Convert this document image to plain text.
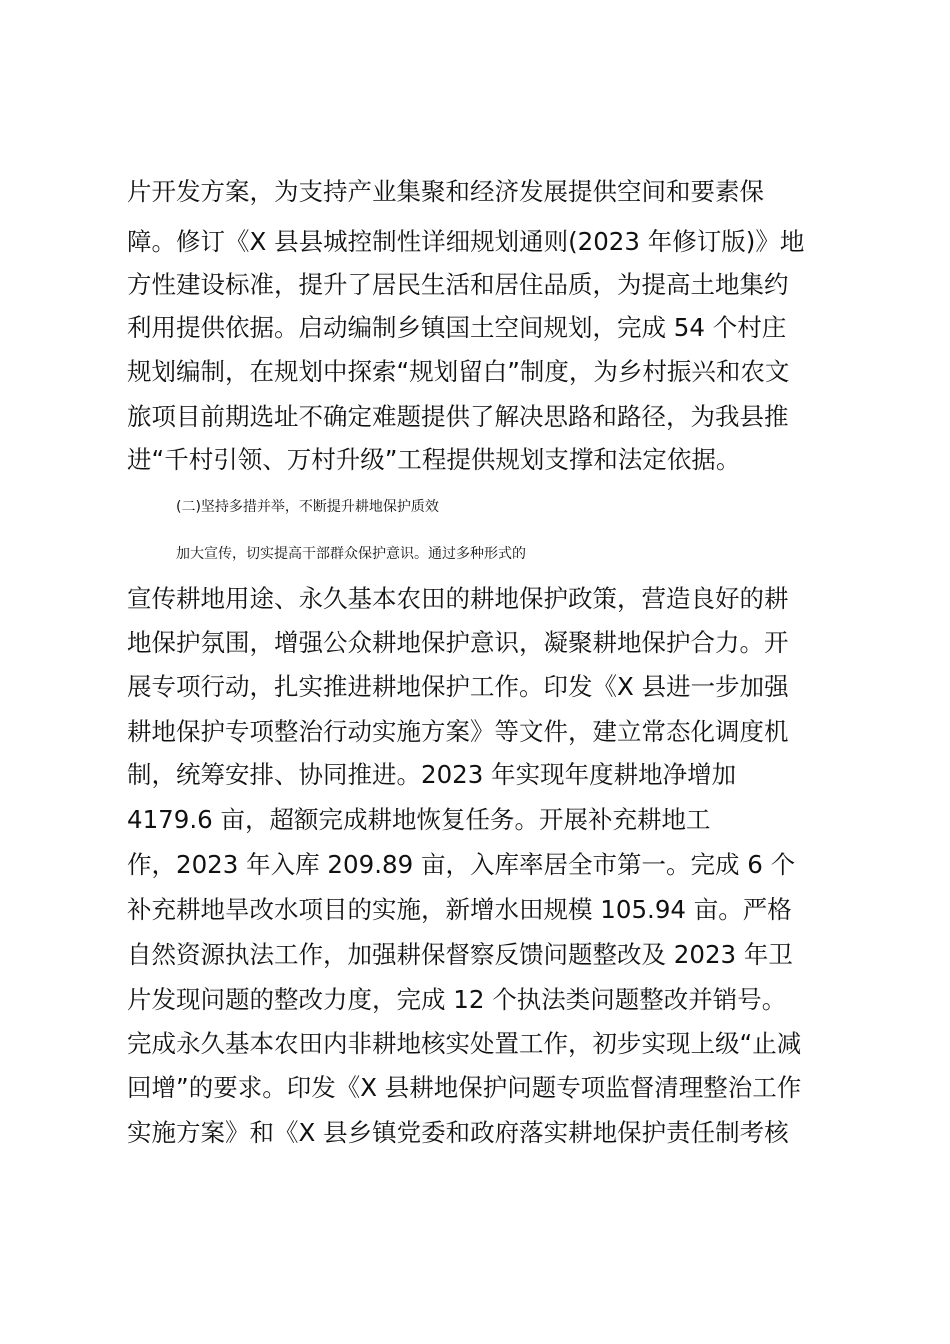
片开发方案，为支持产业集聚和经济发展提供空间和要素保
障。修订《X 县县城控制性详细规划通则(2023 年修订版)》地
方性建设标准，提升了居民生活和居住品质，为提高土地集约
利用提供依据。启动编制乡镇国土空间规划，完成 54 个村庄
规划编制，在规划中探索“规划留白”制度，为乡村振兴和农文
旅项目前期选址不确定难题提供了解决思路和路径，为我县推
进“千村引领、万村升级”工程提供规划支撑和法定依据。
(二)坚持多措并举，不断提升耕地保护质效
加大宣传，切实提高干部群众保护意识。通过多种形式的
宣传耕地用途、永久基本农田的耕地保护政策，营造良好的耕
地保护氛围，增强公众耕地保护意识，凝聚耕地保护合力。开
展专项行动，扎实推进耕地保护工作。印发《X 县进一步加强
耕地保护专项整治行动实施方案》等文件，建立常态化调度机
制，统筹安排、协同推进。2023 年实现年度耕地净增加
4179.6 亩，超额完成耕地恢复任务。开展补充耕地工
作，2023 年入库 209.89 亩，入库率居全市第一。完成 6 个
补充耕地旱改水项目的实施，新增水田规模 105.94 亩。严格
自然资源执法工作，加强耕保督察反馈问题整改及 2023 年卫
片发现问题的整改力度，完成 12 个执法类问题整改并销号。
完成永久基本农田内非耕地核实处置工作，初步实现上级“止减
回增”的要求。印发《X 县耕地保护问题专项监督清理整治工作
实施方案》和《X 县乡镇党委和政府落实耕地保护责任制考核
